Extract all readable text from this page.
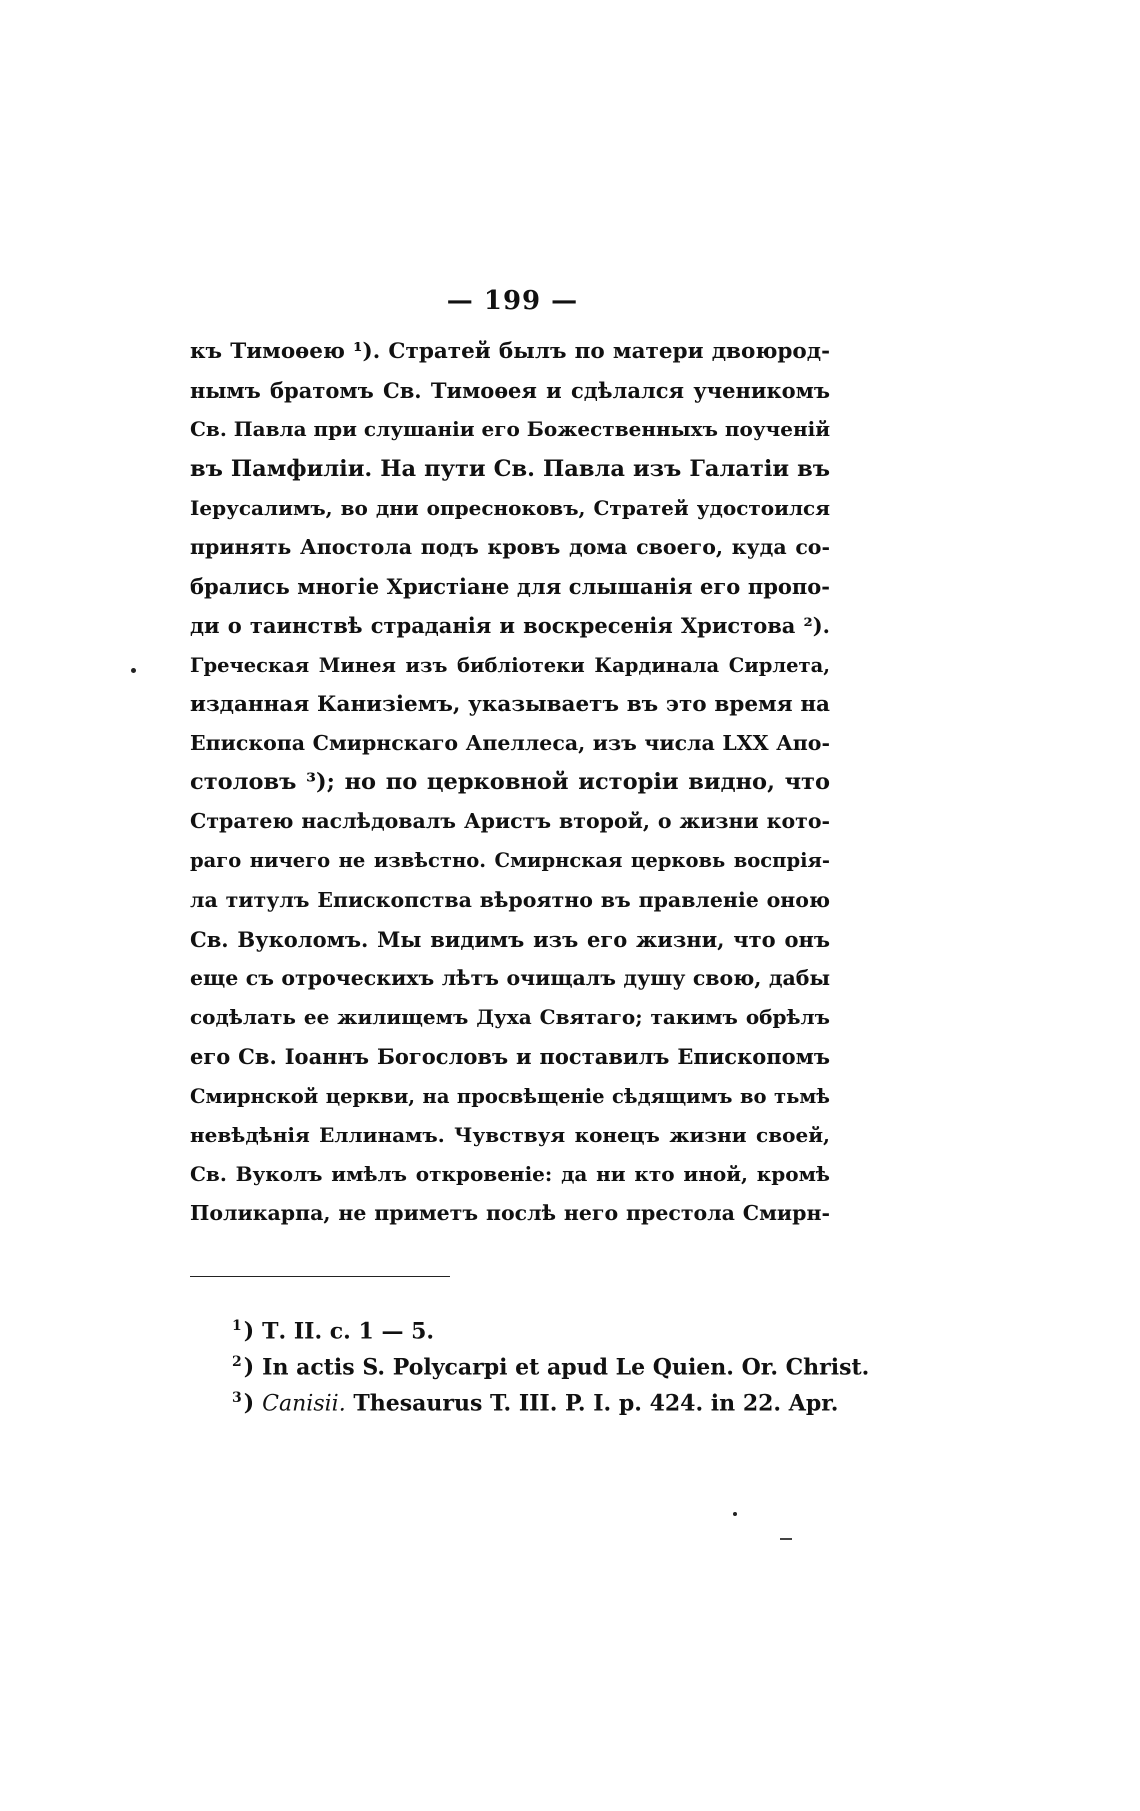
— 199 —
къ Тимоѳею ¹). Стратей былъ по матери двоюрод-
нымъ братомъ Св. Тимоѳея и сдѣлался ученикомъ
Св. Павла при слушаніи его Божественныхъ поученій
въ Памфиліи. На пути Св. Павла изъ Галатіи въ
Іерусалимъ, во дни опресноковъ, Стратей удостоился
принять Апостола подъ кровъ дома своего, куда со-
брались многіе Христіане для слышанія его пропо-
ди о таинствѣ страданія и воскресенія Христова ²).
Греческая Минея изъ библіотеки Кардинала Сирлета,
изданная Канизіемъ, указываетъ въ это время на
Епископа Смирнскаго Апеллеса, изъ числа LXX Апо-
столовъ ³); но по церковной исторіи видно, что
Стратею наслѣдовалъ Аристъ второй, о жизни кото-
раго ничего не извѣстно. Смирнская церковь воспрія-
ла титулъ Епископства вѣроятно въ правленіе оною
Св. Вуколомъ. Мы видимъ изъ его жизни, что онъ
еще съ отроческихъ лѣтъ очищалъ душу свою, дабы
содѣлать ее жилищемъ Духа Святаго; такимъ обрѣлъ
его Св. Іоаннъ Богословъ и поставилъ Епископомъ
Смирнской церкви, на просвѣщеніе сѣдящимъ во тьмѣ
невѣдѣнія Еллинамъ. Чувствуя конецъ жизни своей,
Св. Вуколъ имѣлъ откровеніе: да ни кто иной, кромѣ
Поликарпа, не приметъ послѣ него престола Смирн-
$^1$) Т. II. с. 1 — 5.
$^2$) In actis S. Polycarpi et apud Le Quien. Or. Christ.
$^3$) Canisii. Thesaurus T. III. P. I. p. 424. in 22. Apr.
